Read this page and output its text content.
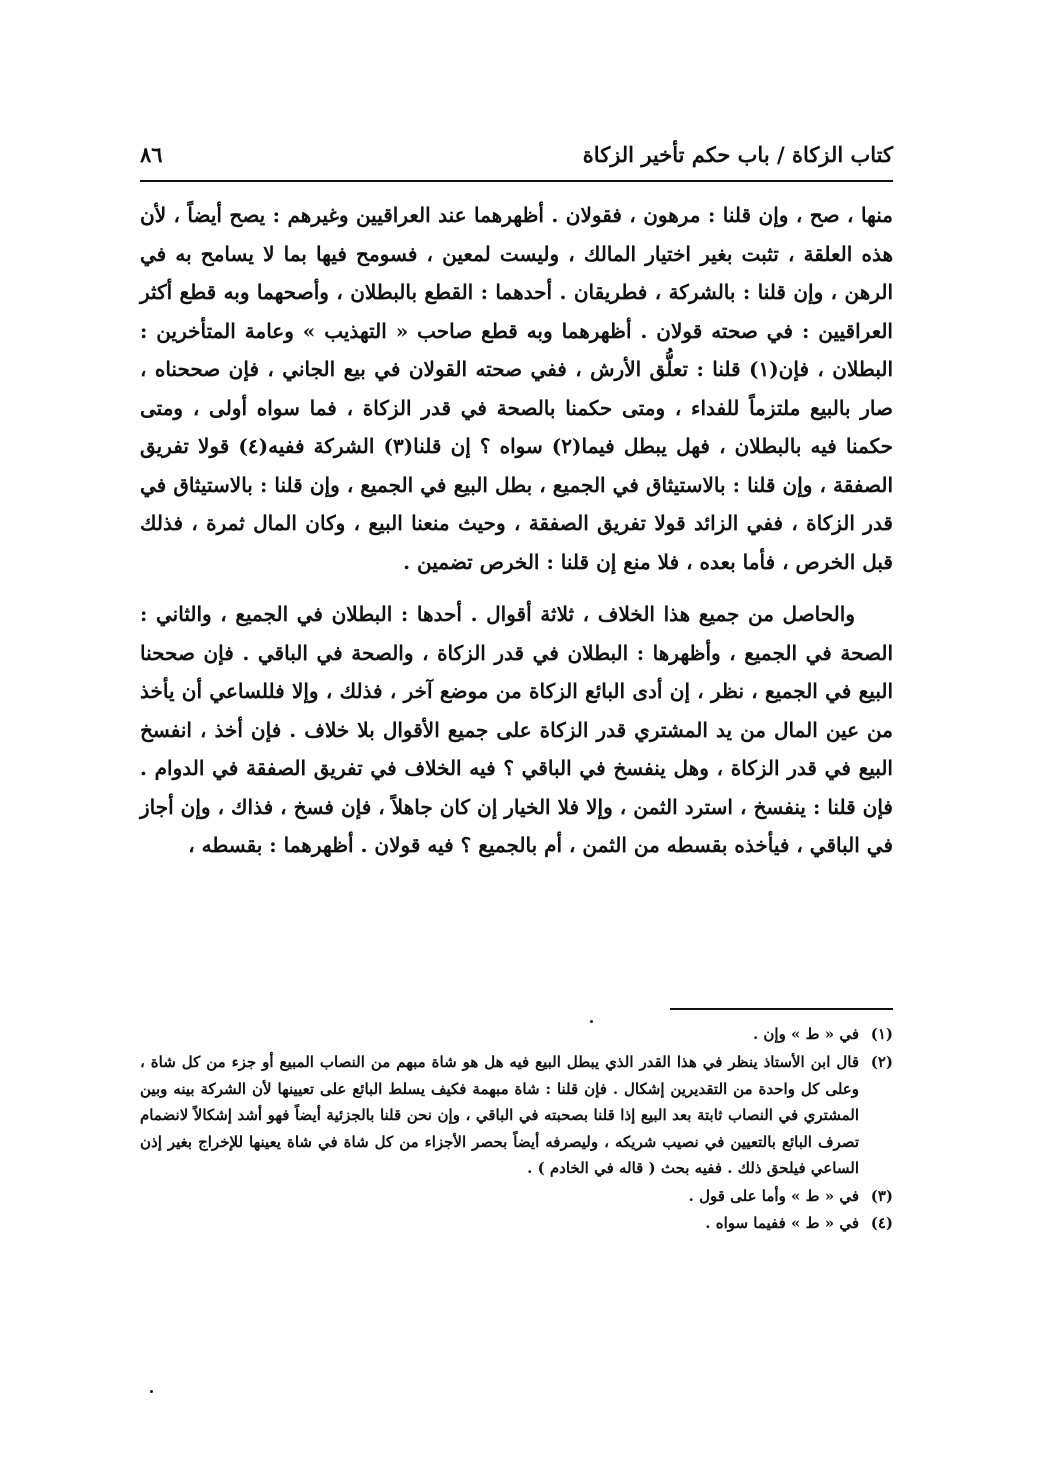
كتاب الزكاة / باب حكم تأخير الزكاة
٨٦

منها ، صح ، وإن قلنا : مرهون ، فقولان . أظهرهما عند العراقيين وغيرهم : يصح أيضاً ، لأن هذه العلقة ، تثبت بغير اختيار المالك ، وليست لمعين ، فسومح فيها بما لا يسامح به في الرهن ، وإن قلنا : بالشركة ، فطريقان . أحدهما : القطع بالبطلان ، وأصحهما وبه قطع أكثر العراقيين : في صحته قولان . أظهرهما وبه قطع صاحب « التهذيب » وعامة المتأخرين : البطلان ، فإن(١) قلنا : تعلُّق الأرش ، ففي صحته القولان في بيع الجاني ، فإن صححناه ، صار بالبيع ملتزماً للفداء ، ومتى حكمنا بالصحة في قدر الزكاة ، فما سواه أولى ، ومتى حكمنا فيه بالبطلان ، فهل يبطل فيما(٢) سواه ؟ إن قلنا(٣) الشركة ففيه(٤) قولا تفريق الصفقة ، وإن قلنا : بالاستيثاق في الجميع ، بطل البيع في الجميع ، وإن قلنا : بالاستيثاق في قدر الزكاة ، ففي الزائد قولا تفريق الصفقة ، وحيث منعنا البيع ، وكان المال ثمرة ، فذلك قبل الخرص ، فأما بعده ، فلا منع إن قلنا : الخرص تضمين .

والحاصل من جميع هذا الخلاف ، ثلاثة أقوال . أحدها : البطلان في الجميع ، والثاني : الصحة في الجميع ، وأظهرها : البطلان في قدر الزكاة ، والصحة في الباقي . فإن صححنا البيع في الجميع ، نظر ، إن أدى البائع الزكاة من موضع آخر ، فذلك ، وإلا فللساعي أن يأخذ من عين المال من يد المشتري قدر الزكاة على جميع الأقوال بلا خلاف . فإن أخذ ، انفسخ البيع في قدر الزكاة ، وهل ينفسخ في الباقي ؟ فيه الخلاف في تفريق الصفقة في الدوام . فإن قلنا : ينفسخ ، استرد الثمن ، وإلا فلا الخيار إن كان جاهلاً ، فإن فسخ ، فذاك ، وإن أجاز في الباقي ، فيأخذه بقسطه من الثمن ، أم بالجميع ؟ فيه قولان . أظهرهما : بقسطه ،

(١)
في « ط » وإن .
(٢)
قال ابن الأستاذ ينظر في هذا القدر الذي يبطل البيع فيه هل هو شاة مبهم من النصاب المبيع أو جزء من كل شاة ، وعلى كل واحدة من التقديرين إشكال . فإن قلنا : شاة مبهمة فكيف يسلط البائع على تعيينها لأن الشركة بينه وبين المشتري في النصاب ثابتة بعد البيع إذا قلنا بصحبته في الباقي ، وإن نحن قلنا بالجزئية أيضاً فهو أشد إشكالاً لانضمام تصرف البائع بالتعيين في نصيب شريكه ، وليصرفه أيضاً بحصر الأجزاء من كل شاة في شاة يعينها للإخراج بغير إذن الساعي فيلحق ذلك . ففيه بحث ( قاله في الخادم ) .
(٣)
في « ط » وأما على قول .
(٤)
في « ط » ففيما سواه .
